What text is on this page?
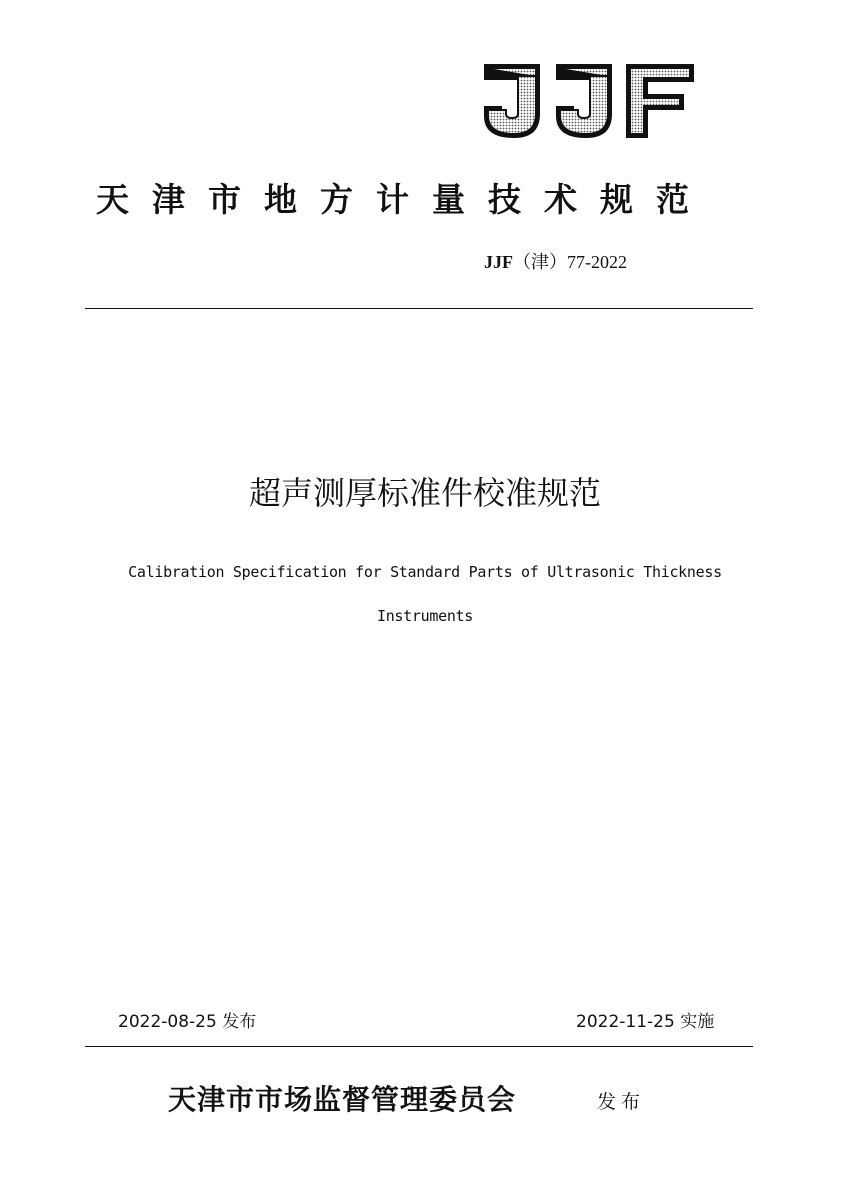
天津市地方计量技术规范
JJF（津）77-2022
超声测厚标准件校准规范
Calibration Specification for Standard Parts of Ultrasonic Thickness
Instruments
2022-08-25 发布	2022-11-25 实施
天津市市场监督管理委员会	发布
